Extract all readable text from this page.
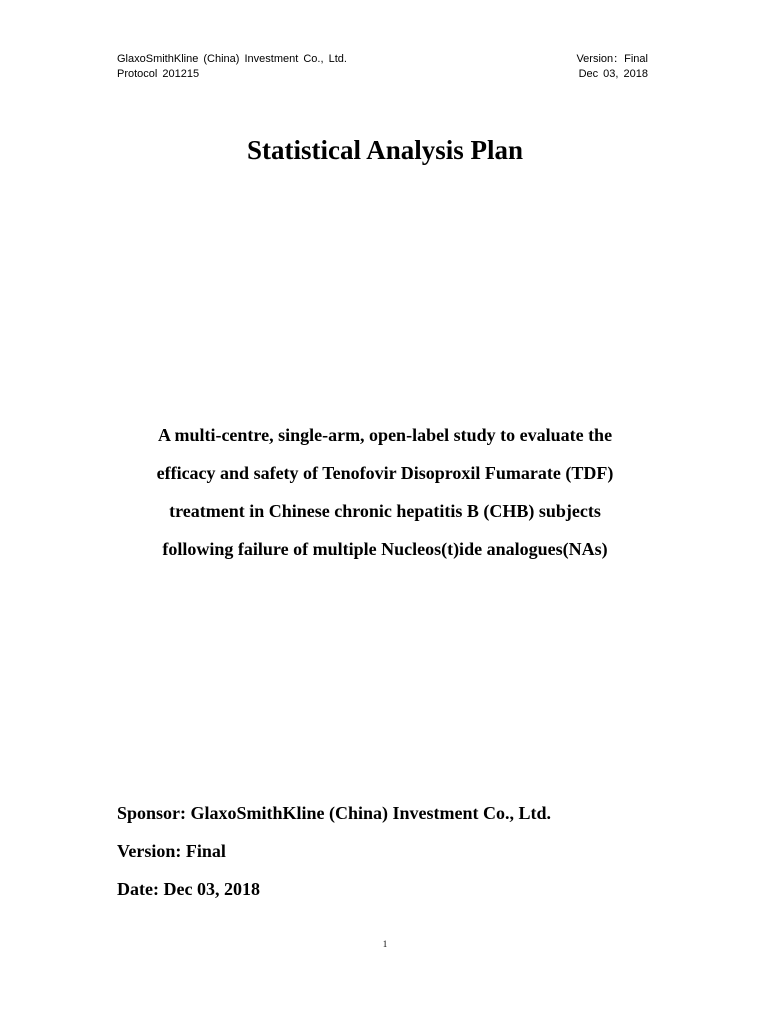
GlaxoSmithKline (China) Investment Co., Ltd.
Protocol 201215
Version：Final
Dec 03, 2018
Statistical Analysis Plan
A multi-centre, single-arm, open-label study to evaluate the
efficacy and safety of Tenofovir Disoproxil Fumarate (TDF)
treatment in Chinese chronic hepatitis B (CHB) subjects
following failure of multiple Nucleos(t)ide analogues(NAs)
Sponsor: GlaxoSmithKline (China) Investment Co., Ltd.
Version: Final
Date: Dec 03, 2018
1
